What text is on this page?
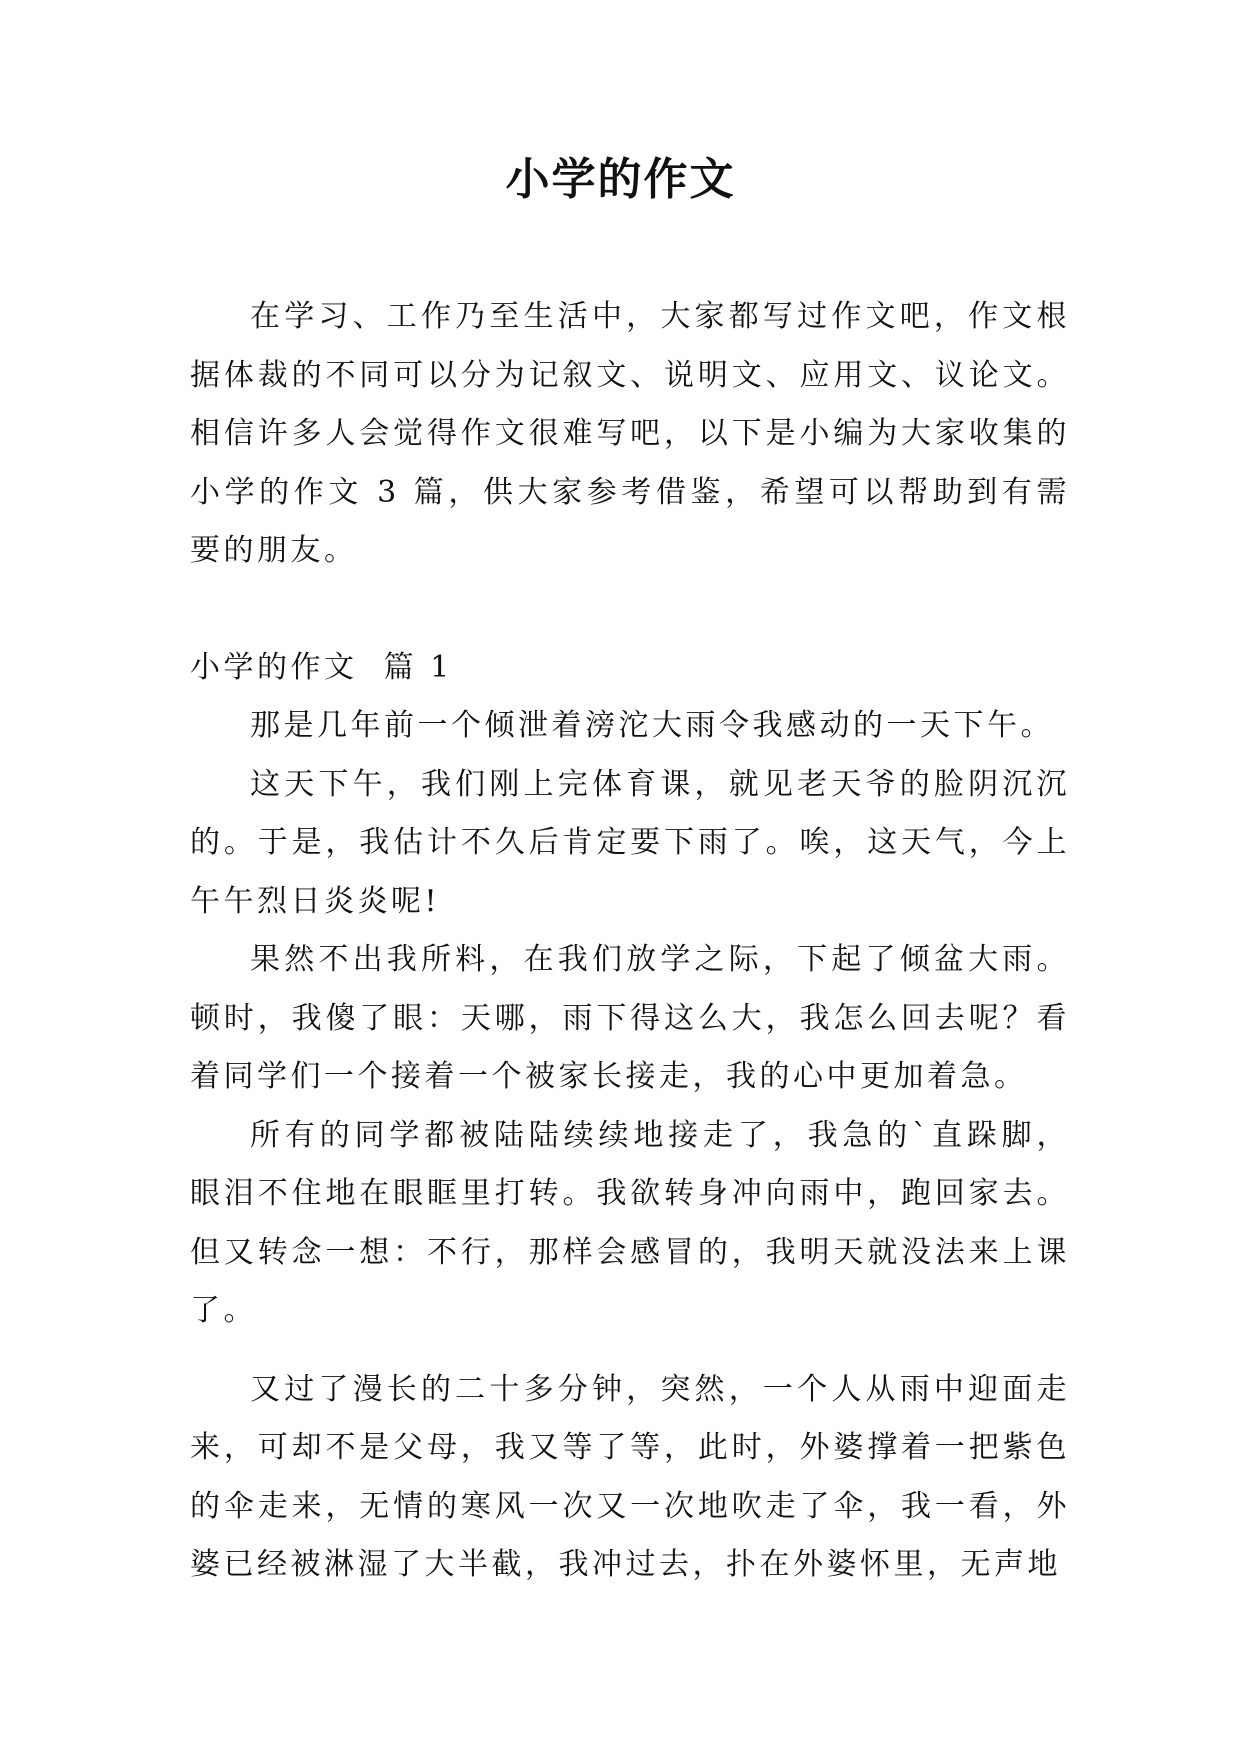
小学的作文

在学习、工作乃至生活中，大家都写过作文吧，作文根据体裁的不同可以分为记叙文、说明文、应用文、议论文。相信许多人会觉得作文很难写吧，以下是小编为大家收集的小学的作文 3 篇，供大家参考借鉴，希望可以帮助到有需要的朋友。

小学的作文  篇 1

那是几年前一个倾泄着滂沱大雨令我感动的一天下午。

这天下午，我们刚上完体育课，就见老天爷的脸阴沉沉的。于是，我估计不久后肯定要下雨了。唉，这天气，今上午午烈日炎炎呢!

果然不出我所料，在我们放学之际，下起了倾盆大雨。顿时，我傻了眼：天哪，雨下得这么大，我怎么回去呢？看着同学们一个接着一个被家长接走，我的心中更加着急。

所有的同学都被陆陆续续地接走了，我急的`直跺脚，眼泪不住地在眼眶里打转。我欲转身冲向雨中，跑回家去。但又转念一想：不行，那样会感冒的，我明天就没法来上课了。

又过了漫长的二十多分钟，突然，一个人从雨中迎面走来，可却不是父母，我又等了等，此时，外婆撑着一把紫色的伞走来，无情的寒风一次又一次地吹走了伞，我一看，外婆已经被淋湿了大半截，我冲过去，扑在外婆怀里，无声地
